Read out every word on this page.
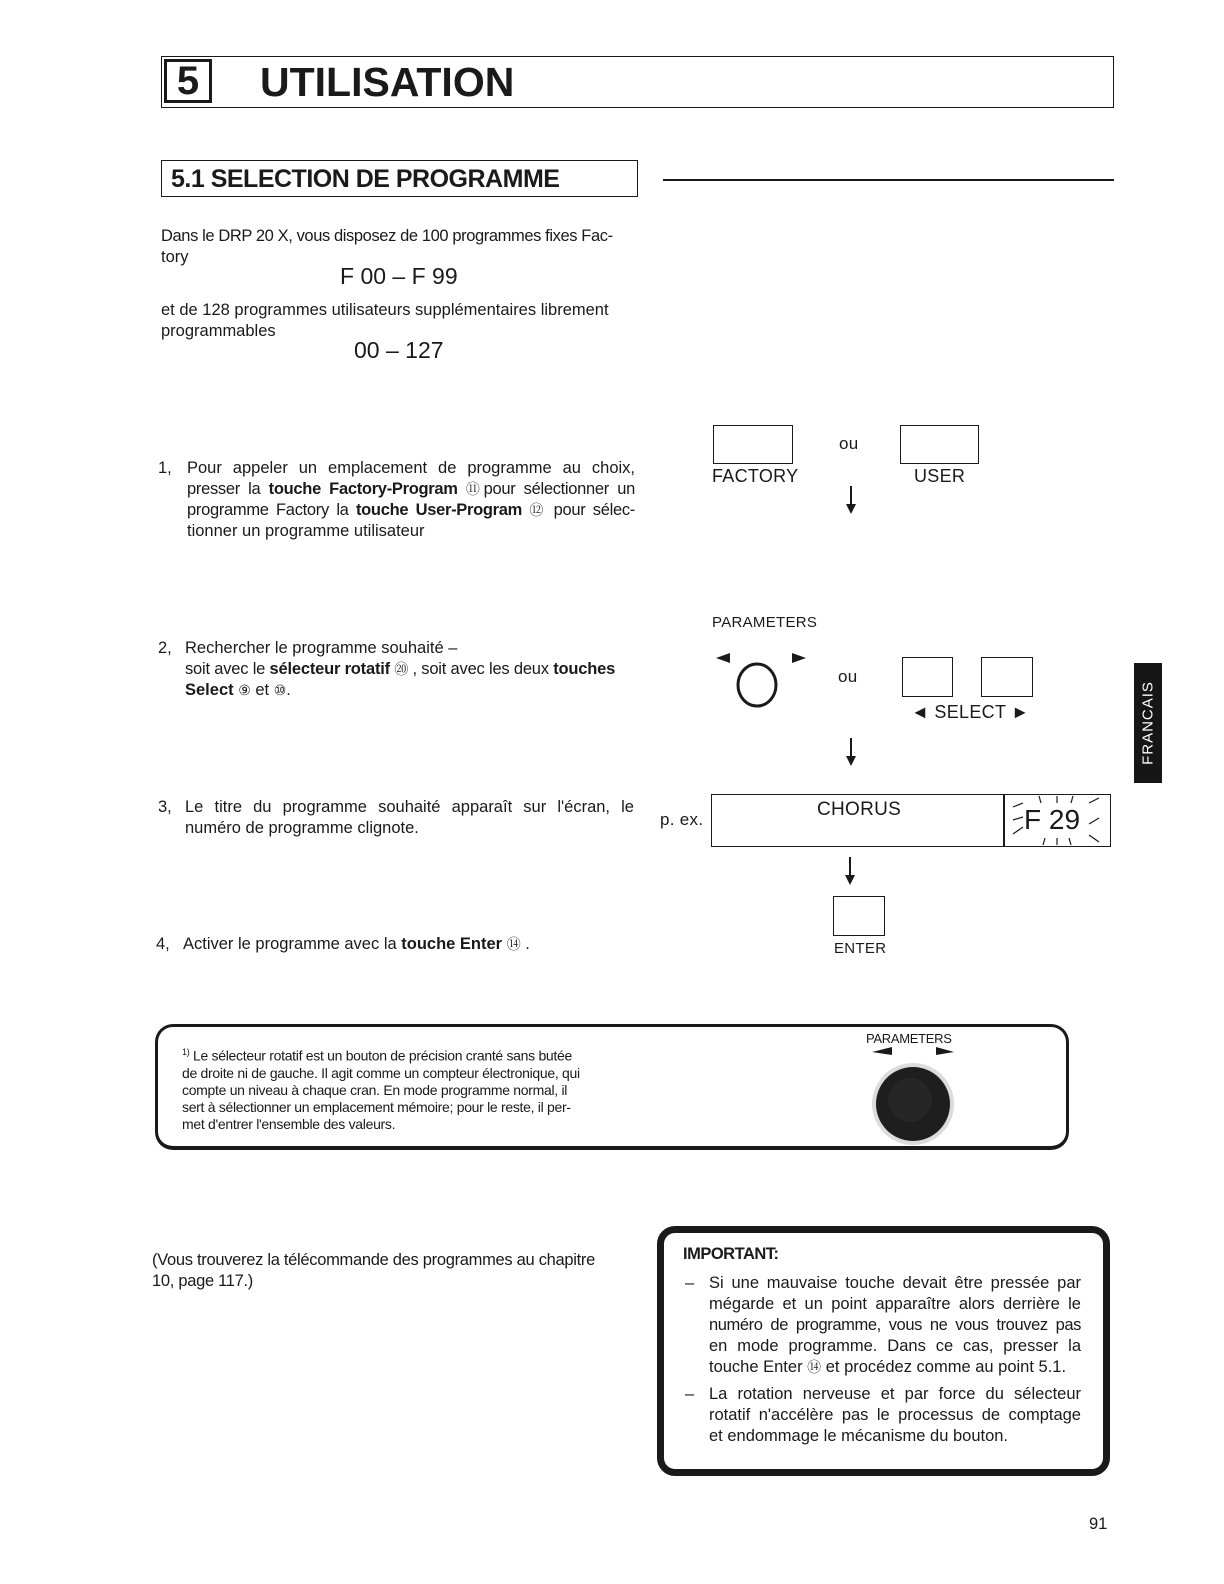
5	UTILISATION
5.1 SELECTION DE PROGRAMME
Dans le DRP 20 X, vous disposez de 100 programmes fixes Fac-
tory
F 00 – F 99
et de 128 programmes utilisateurs supplémentaires librement
programmables
00 – 127
1, Pour appeler un emplacement de programme au choix,
presser la touche Factory-Program ⑪pour sélectionner un
programme Factory la touche User-Program ⑫ pour sélec-
tionner un programme utilisateur
2, Rechercher le programme souhaité –
soit avec le sélecteur rotatif ⑳ , soit avec les deux touches
Select ⑨ et ⑩.
3, Le titre du programme souhaité apparaît sur l'écran, le
numéro de programme clignote.
4, Activer le programme avec la touche Enter ⑭ .
ou
FACTORY	USER
PARAMETERS
ou
◄ SELECT ►
p. ex.	CHORUS	F 29
ENTER
$^{1)}$ Le sélecteur rotatif est un bouton de précision cranté sans butée
de droite ni de gauche. Il agit comme un compteur électronique, qui
compte un niveau à chaque cran. En mode programme normal, il
sert à sélectionner un emplacement mémoire; pour le reste, il per-
met d'entrer l'ensemble des valeurs.
PARAMETERS
(Vous trouverez la télécommande des programmes au chapitre
10, page 117.)
IMPORTANT:
– Si une mauvaise touche devait être pressée par
mégarde et un point apparaître alors derrière le
numéro de programme, vous ne vous trouvez pas
en mode programme. Dans ce cas, presser la
touche Enter ⑭ et procédez comme au point 5.1.
– La rotation nerveuse et par force du sélecteur
rotatif n'accélère pas le processus de comptage
et endommage le mécanisme du bouton.
FRANCAIS
91
